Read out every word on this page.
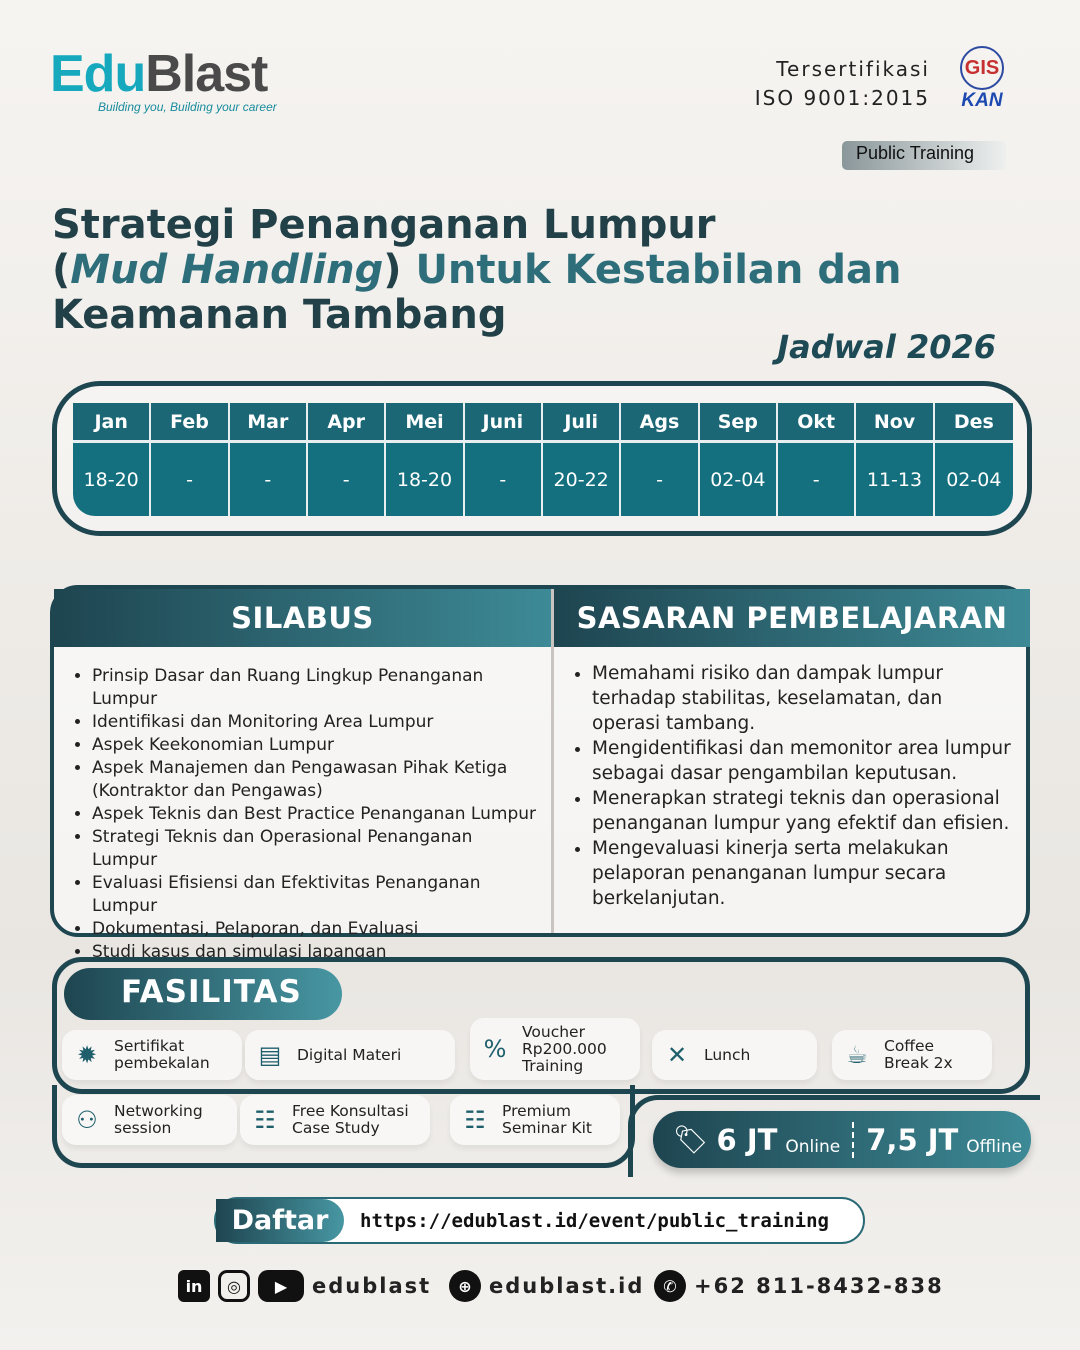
EduBlast
Building you, Building your career
Tersertifikasi
ISO 9001:2015
GIS
KAN
Public Training
Strategi Penanganan Lumpur
(Mud Handling) Untuk Kestabilan dan
Keamanan Tambang
Jadwal 2026
Jan	Feb	Mar	Apr	Mei	Juni	Juli	Ags	Sep	Okt	Nov	Des
18-20	-	-	-	18-20	-	20-22	-	02-04	-	11-13	02-04
SILABUS
• Prinsip Dasar dan Ruang Lingkup Penanganan Lumpur
• Identifikasi dan Monitoring Area Lumpur
• Aspek Keekonomian Lumpur
• Aspek Manajemen dan Pengawasan Pihak Ketiga (Kontraktor dan Pengawas)
• Aspek Teknis dan Best Practice Penanganan Lumpur
• Strategi Teknis dan Operasional Penanganan Lumpur
• Evaluasi Efisiensi dan Efektivitas Penanganan Lumpur
• Dokumentasi, Pelaporan, dan Evaluasi
• Studi kasus dan simulasi lapangan
SASARAN PEMBELAJARAN
• Memahami risiko dan dampak lumpur terhadap stabilitas, keselamatan, dan operasi tambang.
• Mengidentifikasi dan memonitor area lumpur sebagai dasar pengambilan keputusan.
• Menerapkan strategi teknis dan operasional penanganan lumpur yang efektif dan efisien.
• Mengevaluasi kinerja serta melakukan pelaporan penanganan lumpur secara berkelanjutan.
FASILITAS
✹	Sertifikat
pembekalan ▤ Digital Materi	%
Voucher
Rp200.000
Training	✕	Lunch	☕ Coffee
Break 2x
⚇ Networking
session	☷ Free Konsultasi
Case Study	☷ Premium
Seminar Kit	🏷 6 JT Online 7,5 JT Offline
Daftar	https://edublast.id/event/public_training
in	◎	▶	edublast	⊕ edublast.id	✆ +62 811-8432-838
